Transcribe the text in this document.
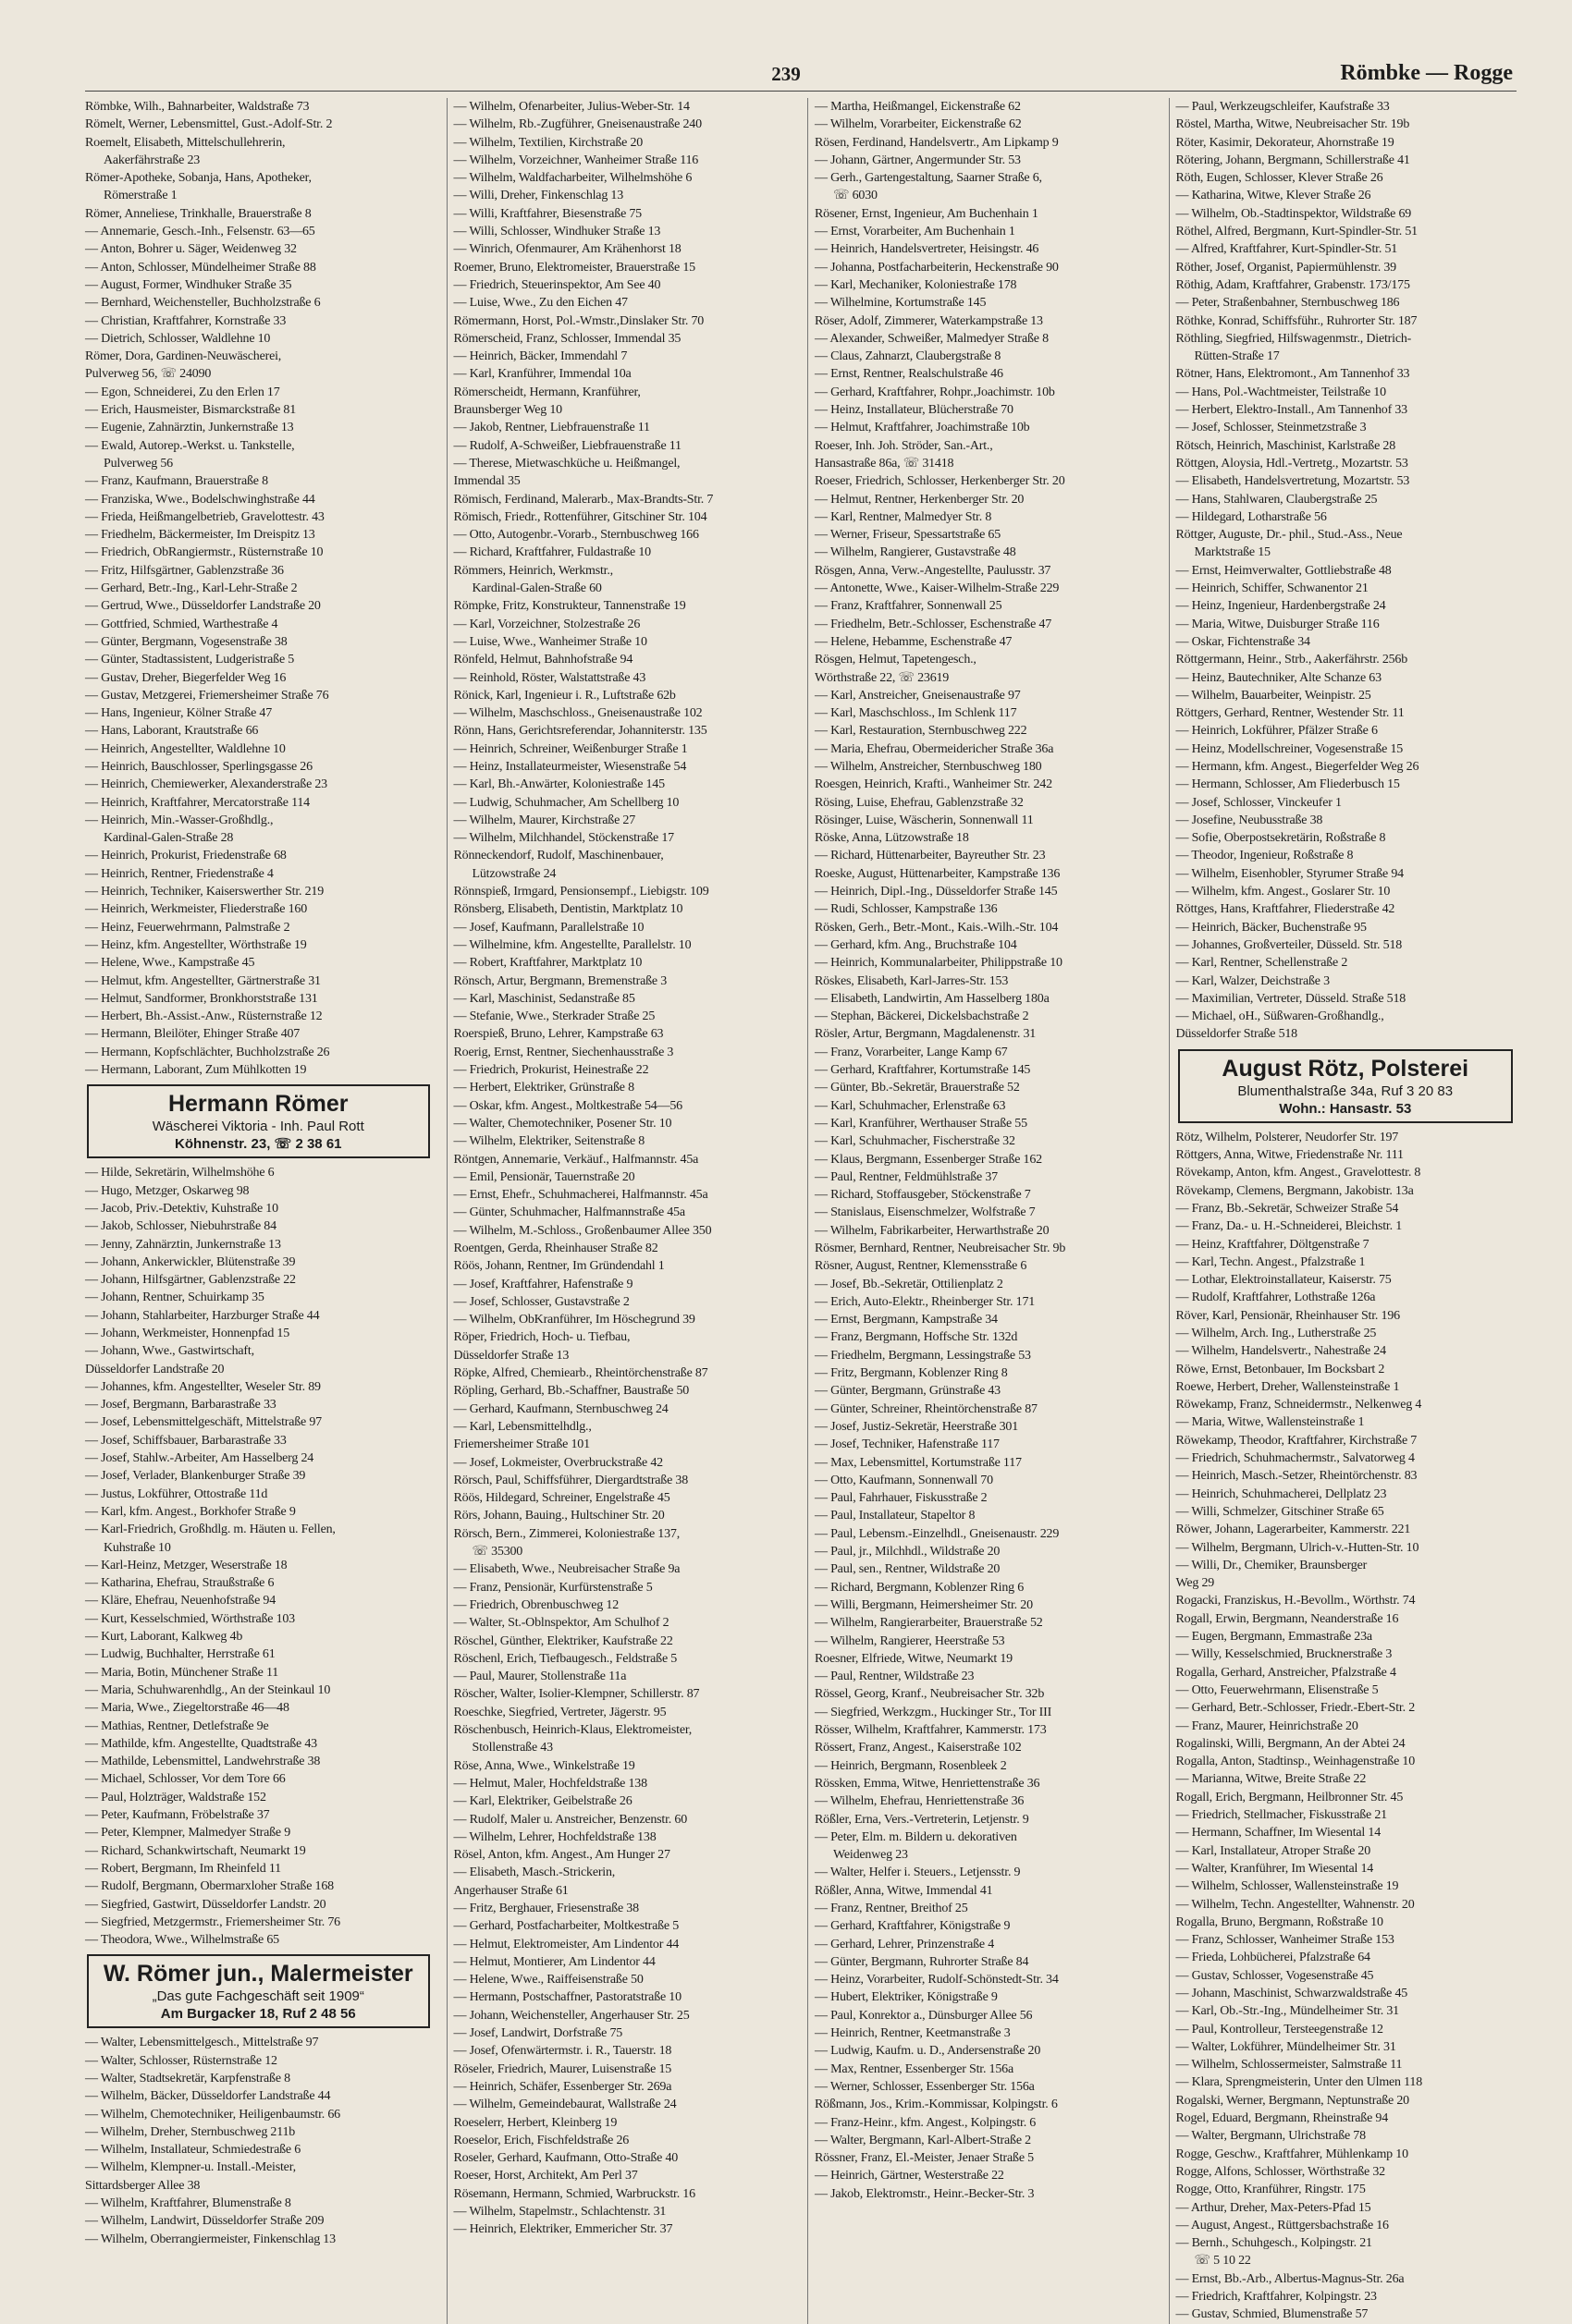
239	Römbke — Rogge
Römbke, Wilh., Bahnarbeiter, Waldstraße 73
Römelt, Werner, Lebensmittel, Gust.-Adolf-Str. 2
Roemelt, Elisabeth, Mittelschullehrerin,
Aakerfährstraße 23
Römer-Apotheke, Sobanja, Hans, Apotheker,
Römerstraße 1
Römer, Anneliese, Trinkhalle, Brauerstraße 8
— Annemarie, Gesch.-Inh., Felsenstr. 63—65
— Anton, Bohrer u. Säger, Weidenweg 32
— Anton, Schlosser, Mündelheimer Straße 88
— August, Former, Windhuker Straße 35
— Bernhard, Weichensteller, Buchholzstraße 6
— Christian, Kraftfahrer, Kornstraße 33
— Dietrich, Schlosser, Waldlehne 10
Römer, Dora, Gardinen-Neuwäscherei,
Pulverweg 56, ☏ 24090
— Egon, Schneiderei, Zu den Erlen 17
— Erich, Hausmeister, Bismarckstraße 81
— Eugenie, Zahnärztin, Junkernstraße 13
— Ewald, Autorep.-Werkst. u. Tankstelle,
Pulverweg 56
— Franz, Kaufmann, Brauerstraße 8
— Franziska, Wwe., Bodelschwinghstraße 44
— Frieda, Heißmangelbetrieb, Gravelottestr. 43
— Friedhelm, Bäckermeister, Im Dreispitz 13
— Friedrich, ObRangiermstr., Rüsternstraße 10
— Fritz, Hilfsgärtner, Gablenzstraße 36
— Gerhard, Betr.-Ing., Karl-Lehr-Straße 2
— Gertrud, Wwe., Düsseldorfer Landstraße 20
— Gottfried, Schmied, Warthestraße 4
— Günter, Bergmann, Vogesenstraße 38
— Günter, Stadtassistent, Ludgeristraße 5
— Gustav, Dreher, Biegerfelder Weg 16
— Gustav, Metzgerei, Friemersheimer Straße 76
— Hans, Ingenieur, Kölner Straße 47
— Hans, Laborant, Krautstraße 66
— Heinrich, Angestellter, Waldlehne 10
— Heinrich, Bauschlosser, Sperlingsgasse 26
— Heinrich, Chemiewerker, Alexanderstraße 23
— Heinrich, Kraftfahrer, Mercatorstraße 114
— Heinrich, Min.-Wasser-Großhdlg.,
Kardinal-Galen-Straße 28
— Heinrich, Prokurist, Friedenstraße 68
— Heinrich, Rentner, Friedenstraße 4
— Heinrich, Techniker, Kaiserswerther Str. 219
— Heinrich, Werkmeister, Fliederstraße 160
— Heinz, Feuerwehrmann, Palmstraße 2
— Heinz, kfm. Angestellter, Wörthstraße 19
— Helene, Wwe., Kampstraße 45
— Helmut, kfm. Angestellter, Gärtnerstraße 31
— Helmut, Sandformer, Bronkhorststraße 131
— Herbert, Bh.-Assist.-Anw., Rüsternstraße 12
— Hermann, Bleilöter, Ehinger Straße 407
— Hermann, Kopfschlächter, Buchholzstraße 26
— Hermann, Laborant, Zum Mühlkotten 19
Hermann Römer
Wäscherei Viktoria - Inh. Paul Rott
Köhnenstr. 23, ☏ 2 38 61
— Hilde, Sekretärin, Wilhelmshöhe 6
— Hugo, Metzger, Oskarweg 98
— Jacob, Priv.-Detektiv, Kuhstraße 10
— Jakob, Schlosser, Niebuhrstraße 84
— Jenny, Zahnärztin, Junkernstraße 13
— Johann, Ankerwickler, Blütenstraße 39
— Johann, Hilfsgärtner, Gablenzstraße 22
— Johann, Rentner, Schuirkamp 35
— Johann, Stahlarbeiter, Harzburger Straße 44
— Johann, Werkmeister, Honnenpfad 15
— Johann, Wwe., Gastwirtschaft,
Düsseldorfer Landstraße 20
— Johannes, kfm. Angestellter, Weseler Str. 89
— Josef, Bergmann, Barbarastraße 33
— Josef, Lebensmittelgeschäft, Mittelstraße 97
— Josef, Schiffsbauer, Barbarastraße 33
— Josef, Stahlw.-Arbeiter, Am Hasselberg 24
— Josef, Verlader, Blankenburger Straße 39
— Justus, Lokführer, Ottostraße 11d
— Karl, kfm. Angest., Borkhofer Straße 9
— Karl-Friedrich, Großhdlg. m. Häuten u. Fellen,
Kuhstraße 10
— Karl-Heinz, Metzger, Weserstraße 18
— Katharina, Ehefrau, Straußstraße 6
— Kläre, Ehefrau, Neuenhofstraße 94
— Kurt, Kesselschmied, Wörthstraße 103
— Kurt, Laborant, Kalkweg 4b
— Ludwig, Buchhalter, Herrstraße 61
— Maria, Botin, Münchener Straße 11
— Maria, Schuhwarenhdlg., An der Steinkaul 10
— Maria, Wwe., Ziegeltorstraße 46—48
— Mathias, Rentner, Detlefstraße 9e
— Mathilde, kfm. Angestellte, Quadtstraße 43
— Mathilde, Lebensmittel, Landwehrstraße 38
— Michael, Schlosser, Vor dem Tore 66
— Paul, Holzträger, Waldstraße 152
— Peter, Kaufmann, Fröbelstraße 37
— Peter, Klempner, Malmedyer Straße 9
— Richard, Schankwirtschaft, Neumarkt 19
— Robert, Bergmann, Im Rheinfeld 11
— Rudolf, Bergmann, Obermarxloher Straße 168
— Siegfried, Gastwirt, Düsseldorfer Landstr. 20
— Siegfried, Metzgermstr., Friemersheimer Str. 76
— Theodora, Wwe., Wilhelmstraße 65
W. Römer jun., Malermeister
„Das gute Fachgeschäft seit 1909“
Am Burgacker 18, Ruf 2 48 56
— Walter, Lebensmittelgesch., Mittelstraße 97
— Walter, Schlosser, Rüsternstraße 12
— Walter, Stadtsekretär, Karpfenstraße 8
— Wilhelm, Bäcker, Düsseldorfer Landstraße 44
— Wilhelm, Chemotechniker, Heiligenbaumstr. 66
— Wilhelm, Dreher, Sternbuschweg 211b
— Wilhelm, Installateur, Schmiedestraße 6
— Wilhelm, Klempner-u. Install.-Meister,
Sittardsberger Allee 38
— Wilhelm, Kraftfahrer, Blumenstraße 8
— Wilhelm, Landwirt, Düsseldorfer Straße 209
— Wilhelm, Oberrangiermeister, Finkenschlag 13
— Wilhelm, Ofenarbeiter, Julius-Weber-Str. 14
— Wilhelm, Rb.-Zugführer, Gneisenaustraße 240
— Wilhelm, Textilien, Kirchstraße 20
— Wilhelm, Vorzeichner, Wanheimer Straße 116
— Wilhelm, Waldfacharbeiter, Wilhelmshöhe 6
— Willi, Dreher, Finkenschlag 13
— Willi, Kraftfahrer, Biesenstraße 75
— Willi, Schlosser, Windhuker Straße 13
— Winrich, Ofenmaurer, Am Krähenhorst 18
Roemer, Bruno, Elektromeister, Brauerstraße 15
— Friedrich, Steuerinspektor, Am See 40
— Luise, Wwe., Zu den Eichen 47
Römermann, Horst, Pol.-Wmstr.,Dinslaker Str. 70
Römerscheid, Franz, Schlosser, Immendal 35
— Heinrich, Bäcker, Immendahl 7
— Karl, Kranführer, Immendal 10a
Römerscheidt, Hermann, Kranführer,
Braunsberger Weg 10
— Jakob, Rentner, Liebfrauenstraße 11
— Rudolf, A-Schweißer, Liebfrauenstraße 11
— Therese, Mietwaschküche u. Heißmangel,
Immendal 35
Römisch, Ferdinand, Malerarb., Max-Brandts-Str. 7
Römisch, Friedr., Rottenführer, Gitschiner Str. 104
— Otto, Autogenbr.-Vorarb., Sternbuschweg 166
— Richard, Kraftfahrer, Fuldastraße 10
Römmers, Heinrich, Werkmstr.,
Kardinal-Galen-Straße 60
Römpke, Fritz, Konstrukteur, Tannenstraße 19
— Karl, Vorzeichner, Stolzestraße 26
— Luise, Wwe., Wanheimer Straße 10
Rönfeld, Helmut, Bahnhofstraße 94
— Reinhold, Röster, Walstattstraße 43
Rönick, Karl, Ingenieur i. R., Luftstraße 62b
— Wilhelm, Maschschloss., Gneisenaustraße 102
Rönn, Hans, Gerichtsreferendar, Johanniterstr. 135
— Heinrich, Schreiner, Weißenburger Straße 1
— Heinz, Installateurmeister, Wiesenstraße 54
— Karl, Bh.-Anwärter, Koloniestraße 145
— Ludwig, Schuhmacher, Am Schellberg 10
— Wilhelm, Maurer, Kirchstraße 27
— Wilhelm, Milchhandel, Stöckenstraße 17
Rönneckendorf, Rudolf, Maschinenbauer,
Lützowstraße 24
Rönnspieß, Irmgard, Pensionsempf., Liebigstr. 109
Rönsberg, Elisabeth, Dentistin, Marktplatz 10
— Josef, Kaufmann, Parallelstraße 10
— Wilhelmine, kfm. Angestellte, Parallelstr. 10
— Robert, Kraftfahrer, Marktplatz 10
Rönsch, Artur, Bergmann, Bremenstraße 3
— Karl, Maschinist, Sedanstraße 85
— Stefanie, Wwe., Sterkrader Straße 25
Roerspieß, Bruno, Lehrer, Kampstraße 63
Roerig, Ernst, Rentner, Siechenhausstraße 3
— Friedrich, Prokurist, Heinestraße 22
— Herbert, Elektriker, Grünstraße 8
— Oskar, kfm. Angest., Moltkestraße 54—56
— Walter, Chemotechniker, Posener Str. 10
— Wilhelm, Elektriker, Seitenstraße 8
Röntgen, Annemarie, Verkäuf., Halfmannstr. 45a
— Emil, Pensionär, Tauernstraße 20
— Ernst, Ehefr., Schuhmacherei, Halfmannstr. 45a
— Günter, Schuhmacher, Halfmannstraße 45a
— Wilhelm, M.-Schloss., Großenbaumer Allee 350
Roentgen, Gerda, Rheinhauser Straße 82
Röös, Johann, Rentner, Im Gründendahl 1
— Josef, Kraftfahrer, Hafenstraße 9
— Josef, Schlosser, Gustavstraße 2
— Wilhelm, ObKranführer, Im Höschegrund 39
Röper, Friedrich, Hoch- u. Tiefbau,
Düsseldorfer Straße 13
Röpke, Alfred, Chemiearb., Rheintörchenstraße 87
Röpling, Gerhard, Bb.-Schaffner, Baustraße 50
— Gerhard, Kaufmann, Sternbuschweg 24
— Karl, Lebensmittelhdlg.,
Friemersheimer Straße 101
— Josef, Lokmeister, Overbruckstraße 42
Rörsch, Paul, Schiffsführer, Diergardtstraße 38
Röös, Hildegard, Schreiner, Engelstraße 45
Rörs, Johann, Bauing., Hultschiner Str. 20
Rörsch, Bern., Zimmerei, Koloniestraße 137,
☏ 35300
— Elisabeth, Wwe., Neubreisacher Straße 9a
— Franz, Pensionär, Kurfürstenstraße 5
— Friedrich, Obrenbuschweg 12
— Walter, St.-Oblnspektor, Am Schulhof 2
Röschel, Günther, Elektriker, Kaufstraße 22
Röschenl, Erich, Tiefbaugesch., Feldstraße 5
— Paul, Maurer, Stollenstraße 11a
Röscher, Walter, Isolier-Klempner, Schillerstr. 87
Roeschke, Siegfried, Vertreter, Jägerstr. 95
Röschenbusch, Heinrich-Klaus, Elektromeister,
Stollenstraße 43
Röse, Anna, Wwe., Winkelstraße 19
— Helmut, Maler, Hochfeldstraße 138
— Karl, Elektriker, Geibelstraße 26
— Rudolf, Maler u. Anstreicher, Benzenstr. 60
— Wilhelm, Lehrer, Hochfeldstraße 138
Rösel, Anton, kfm. Angest., Am Hunger 27
— Elisabeth, Masch.-Strickerin,
Angerhauser Straße 61
— Fritz, Berghauer, Friesenstraße 38
— Gerhard, Postfacharbeiter, Moltkestraße 5
— Helmut, Elektromeister, Am Lindentor 44
— Helmut, Montierer, Am Lindentor 44
— Helene, Wwe., Raiffeisenstraße 50
— Hermann, Postschaffner, Pastoratstraße 10
— Johann, Weichensteller, Angerhauser Str. 25
— Josef, Landwirt, Dorfstraße 75
— Josef, Ofenwärtermstr. i. R., Tauerstr. 18
Röseler, Friedrich, Maurer, Luisenstraße 15
— Heinrich, Schäfer, Essenberger Str. 269a
— Wilhelm, Gemeindebaurat, Wallstraße 24
Roeselerr, Herbert, Kleinberg 19
Roeselor, Erich, Fischfeldstraße 26
Roseler, Gerhard, Kaufmann, Otto-Straße 40
Roeser, Horst, Architekt, Am Perl 37
Rösemann, Hermann, Schmied, Warbruckstr. 16
— Wilhelm, Stapelmstr., Schlachtenstr. 31
— Heinrich, Elektriker, Emmericher Str. 37
— Martha, Heißmangel, Eickenstraße 62
— Wilhelm, Vorarbeiter, Eickenstraße 62
Rösen, Ferdinand, Handelsvertr., Am Lipkamp 9
— Johann, Gärtner, Angermunder Str. 53
— Gerh., Gartengestaltung, Saarner Straße 6,
☏ 6030
Rösener, Ernst, Ingenieur, Am Buchenhain 1
— Ernst, Vorarbeiter, Am Buchenhain 1
— Heinrich, Handelsvertreter, Heisingstr. 46
— Johanna, Postfacharbeiterin, Heckenstraße 90
— Karl, Mechaniker, Koloniestraße 178
— Wilhelmine, Kortumstraße 145
Röser, Adolf, Zimmerer, Waterkampstraße 13
— Alexander, Schweißer, Malmedyer Straße 8
— Claus, Zahnarzt, Claubergstraße 8
— Ernst, Rentner, Realschulstraße 46
— Gerhard, Kraftfahrer, Rohpr.,Joachimstr. 10b
— Heinz, Installateur, Blücherstraße 70
— Helmut, Kraftfahrer, Joachimstraße 10b
Roeser, Inh. Joh. Ströder, San.-Art.,
Hansastraße 86a, ☏ 31418
Roeser, Friedrich, Schlosser, Herkenberger Str. 20
— Helmut, Rentner, Herkenberger Str. 20
— Karl, Rentner, Malmedyer Str. 8
— Werner, Friseur, Spessartstraße 65
— Wilhelm, Rangierer, Gustavstraße 48
Rösgen, Anna, Verw.-Angestellte, Paulusstr. 37
— Antonette, Wwe., Kaiser-Wilhelm-Straße 229
— Franz, Kraftfahrer, Sonnenwall 25
— Friedhelm, Betr.-Schlosser, Eschenstraße 47
— Helene, Hebamme, Eschenstraße 47
Rösgen, Helmut, Tapetengesch.,
Wörthstraße 22, ☏ 23619
— Karl, Anstreicher, Gneisenaustraße 97
— Karl, Maschschloss., Im Schlenk 117
— Karl, Restauration, Sternbuschweg 222
— Maria, Ehefrau, Obermeidericher Straße 36a
— Wilhelm, Anstreicher, Sternbuschweg 180
Roesgen, Heinrich, Krafti., Wanheimer Str. 242
Rösing, Luise, Ehefrau, Gablenzstraße 32
Rösinger, Luise, Wäscherin, Sonnenwall 11
Röske, Anna, Lützowstraße 18
— Richard, Hüttenarbeiter, Bayreuther Str. 23
Roeske, August, Hüttenarbeiter, Kampstraße 136
— Heinrich, Dipl.-Ing., Düsseldorfer Straße 145
— Rudi, Schlosser, Kampstraße 136
Rösken, Gerh., Betr.-Mont., Kais.-Wilh.-Str. 104
— Gerhard, kfm. Ang., Bruchstraße 104
— Heinrich, Kommunalarbeiter, Philippstraße 10
Röskes, Elisabeth, Karl-Jarres-Str. 153
— Elisabeth, Landwirtin, Am Hasselberg 180a
— Stephan, Bäckerei, Dickelsbachstraße 2
Rösler, Artur, Bergmann, Magdalenenstr. 31
— Franz, Vorarbeiter, Lange Kamp 67
— Gerhard, Kraftfahrer, Kortumstraße 145
— Günter, Bb.-Sekretär, Brauerstraße 52
— Karl, Schuhmacher, Erlenstraße 63
— Karl, Kranführer, Werthauser Straße 55
— Karl, Schuhmacher, Fischerstraße 32
— Klaus, Bergmann, Essenberger Straße 162
— Paul, Rentner, Feldmühlstraße 37
— Richard, Stoffausgeber, Stöckenstraße 7
— Stanislaus, Eisenschmelzer, Wolfstraße 7
— Wilhelm, Fabrikarbeiter, Herwarthstraße 20
Rösmer, Bernhard, Rentner, Neubreisacher Str. 9b
Rösner, August, Rentner, Klemensstraße 6
— Josef, Bb.-Sekretär, Ottilienplatz 2
— Erich, Auto-Elektr., Rheinberger Str. 171
— Ernst, Bergmann, Kampstraße 34
— Franz, Bergmann, Hoffsche Str. 132d
— Friedhelm, Bergmann, Lessingstraße 53
— Fritz, Bergmann, Koblenzer Ring 8
— Günter, Bergmann, Grünstraße 43
— Günter, Schreiner, Rheintörchenstraße 87
— Josef, Justiz-Sekretär, Heerstraße 301
— Josef, Techniker, Hafenstraße 117
— Max, Lebensmittel, Kortumstraße 117
— Otto, Kaufmann, Sonnenwall 70
— Paul, Fahrhauer, Fiskusstraße 2
— Paul, Installateur, Stapeltor 8
— Paul, Lebensm.-Einzelhdl., Gneisenaustr. 229
— Paul, jr., Milchhdl., Wildstraße 20
— Paul, sen., Rentner, Wildstraße 20
— Richard, Bergmann, Koblenzer Ring 6
— Willi, Bergmann, Heimersheimer Str. 20
— Wilhelm, Rangierarbeiter, Brauerstraße 52
— Wilhelm, Rangierer, Heerstraße 53
Roesner, Elfriede, Witwe, Neumarkt 19
— Paul, Rentner, Wildstraße 23
Rössel, Georg, Kranf., Neubreisacher Str. 32b
— Siegfried, Werkzgm., Huckinger Str., Tor III
Rösser, Wilhelm, Kraftfahrer, Kammerstr. 173
Rössert, Franz, Angest., Kaiserstraße 102
— Heinrich, Bergmann, Rosenbleek 2
Rössken, Emma, Witwe, Henriettenstraße 36
— Wilhelm, Ehefrau, Henriettenstraße 36
Rößler, Erna, Vers.-Vertreterin, Letjenstr. 9
— Peter, Elm. m. Bildern u. dekorativen
Weidenweg 23
— Walter, Helfer i. Steuers., Letjensstr. 9
Rößler, Anna, Witwe, Immendal 41
— Franz, Rentner, Breithof 25
— Gerhard, Kraftfahrer, Königstraße 9
— Gerhard, Lehrer, Prinzenstraße 4
— Günter, Bergmann, Ruhrorter Straße 84
— Heinz, Vorarbeiter, Rudolf-Schönstedt-Str. 34
— Hubert, Elektriker, Königstraße 9
— Paul, Konrektor a., Dünsburger Allee 56
— Heinrich, Rentner, Keetmanstraße 3
— Ludwig, Kaufm. u. D., Andersenstraße 20
— Max, Rentner, Essenberger Str. 156a
— Werner, Schlosser, Essenberger Str. 156a
Rößmann, Jos., Krim.-Kommissar, Kolpingstr. 6
— Franz-Heinr., kfm. Angest., Kolpingstr. 6
— Walter, Bergmann, Karl-Albert-Straße 2
Rössner, Franz, El.-Meister, Jenaer Straße 5
— Heinrich, Gärtner, Westerstraße 22
— Jakob, Elektromstr., Heinr.-Becker-Str. 3
— Paul, Werkzeugschleifer, Kaufstraße 33
Röstel, Martha, Witwe, Neubreisacher Str. 19b
Röter, Kasimir, Dekorateur, Ahornstraße 19
Rötering, Johann, Bergmann, Schillerstraße 41
Röth, Eugen, Schlosser, Klever Straße 26
— Katharina, Witwe, Klever Straße 26
— Wilhelm, Ob.-Stadtinspektor, Wildstraße 69
Röthel, Alfred, Bergmann, Kurt-Spindler-Str. 51
— Alfred, Kraftfahrer, Kurt-Spindler-Str. 51
Röther, Josef, Organist, Papiermühlenstr. 39
Röthig, Adam, Kraftfahrer, Grabenstr. 173/175
— Peter, Straßenbahner, Sternbuschweg 186
Röthke, Konrad, Schiffsführ., Ruhrorter Str. 187
Röthling, Siegfried, Hilfswagenmstr., Dietrich-
Rütten-Straße 17
Rötner, Hans, Elektromont., Am Tannenhof 33
— Hans, Pol.-Wachtmeister, Teilstraße 10
— Herbert, Elektro-Install., Am Tannenhof 33
— Josef, Schlosser, Steinmetzstraße 3
Rötsch, Heinrich, Maschinist, Karlstraße 28
Röttgen, Aloysia, Hdl.-Vertretg., Mozartstr. 53
— Elisabeth, Handelsvertretung, Mozartstr. 53
— Hans, Stahlwaren, Claubergstraße 25
— Hildegard, Lotharstraße 56
Röttger, Auguste, Dr.- phil., Stud.-Ass., Neue
Marktstraße 15
— Ernst, Heimverwalter, Gottliebstraße 48
— Heinrich, Schiffer, Schwanentor 21
— Heinz, Ingenieur, Hardenbergstraße 24
— Maria, Witwe, Duisburger Straße 116
— Oskar, Fichtenstraße 34
Röttgermann, Heinr., Strb., Aakerfährstr. 256b
— Heinz, Bautechniker, Alte Schanze 63
— Wilhelm, Bauarbeiter, Weinpistr. 25
Röttgers, Gerhard, Rentner, Westender Str. 11
— Heinrich, Lokführer, Pfälzer Straße 6
— Heinz, Modellschreiner, Vogesenstraße 15
— Hermann, kfm. Angest., Biegerfelder Weg 26
— Hermann, Schlosser, Am Fliederbusch 15
— Josef, Schlosser, Vinckeufer 1
— Josefine, Neubusstraße 38
— Sofie, Oberpostsekretärin, Roßstraße 8
— Theodor, Ingenieur, Roßstraße 8
— Wilhelm, Eisenhobler, Styrumer Straße 94
— Wilhelm, kfm. Angest., Goslarer Str. 10
Röttges, Hans, Kraftfahrer, Fliederstraße 42
— Heinrich, Bäcker, Buchenstraße 95
— Johannes, Großverteiler, Düsseld. Str. 518
— Karl, Rentner, Schellenstraße 2
— Karl, Walzer, Deichstraße 3
— Maximilian, Vertreter, Düsseld. Straße 518
— Michael, oH., Süßwaren-Großhandlg.,
Düsseldorfer Straße 518
August Rötz, Polsterei
Blumenthalstraße 34a, Ruf 3 20 83
Wohn.: Hansastr. 53
Rötz, Wilhelm, Polsterer, Neudorfer Str. 197
Röttgers, Anna, Witwe, Friedenstraße Nr. 111
Rövekamp, Anton, kfm. Angest., Gravelottestr. 8
Rövekamp, Clemens, Bergmann, Jakobistr. 13a
— Franz, Bb.-Sekretär, Schweizer Straße 54
— Franz, Da.- u. H.-Schneiderei, Bleichstr. 1
— Heinz, Kraftfahrer, Döltgenstraße 7
— Karl, Techn. Angest., Pfalzstraße 1
— Lothar, Elektroinstallateur, Kaiserstr. 75
— Rudolf, Kraftfahrer, Lothstraße 126a
Röver, Karl, Pensionär, Rheinhauser Str. 196
— Wilhelm, Arch. Ing., Lutherstraße 25
— Wilhelm, Handelsvertr., Nahestraße 24
Röwe, Ernst, Betonbauer, Im Bocksbart 2
Roewe, Herbert, Dreher, Wallensteinstraße 1
Röwekamp, Franz, Schneidermstr., Nelkenweg 4
— Maria, Witwe, Wallensteinstraße 1
Röwekamp, Theodor, Kraftfahrer, Kirchstraße 7
— Friedrich, Schuhmachermstr., Salvatorweg 4
— Heinrich, Masch.-Setzer, Rheintörchenstr. 83
— Heinrich, Schuhmacherei, Dellplatz 23
— Willi, Schmelzer, Gitschiner Straße 65
Röwer, Johann, Lagerarbeiter, Kammerstr. 221
— Wilhelm, Bergmann, Ulrich-v.-Hutten-Str. 10
— Willi, Dr., Chemiker, Braunsberger
Weg 29
Rogacki, Franziskus, H.-Bevollm., Wörthstr. 74
Rogall, Erwin, Bergmann, Neanderstraße 16
— Eugen, Bergmann, Emmastraße 23a
— Willy, Kesselschmied, Brucknerstraße 3
Rogalla, Gerhard, Anstreicher, Pfalzstraße 4
— Otto, Feuerwehrmann, Elisenstraße 5
— Gerhard, Betr.-Schlosser, Friedr.-Ebert-Str. 2
— Franz, Maurer, Heinrichstraße 20
Rogalinski, Willi, Bergmann, An der Abtei 24
Rogalla, Anton, Stadtinsp., Weinhagenstraße 10
— Marianna, Witwe, Breite Straße 22
Rogall, Erich, Bergmann, Heilbronner Str. 45
— Friedrich, Stellmacher, Fiskusstraße 21
— Hermann, Schaffner, Im Wiesental 14
— Karl, Installateur, Atroper Straße 20
— Walter, Kranführer, Im Wiesental 14
— Wilhelm, Schlosser, Wallensteinstraße 19
— Wilhelm, Techn. Angestellter, Wahnenstr. 20
Rogalla, Bruno, Bergmann, Roßstraße 10
— Franz, Schlosser, Wanheimer Straße 153
— Frieda, Lohbücherei, Pfalzstraße 64
— Gustav, Schlosser, Vogesenstraße 45
— Johann, Maschinist, Schwarzwaldstraße 45
— Karl, Ob.-Str.-Ing., Mündelheimer Str. 31
— Paul, Kontrolleur, Tersteegenstraße 12
— Walter, Lokführer, Mündelheimer Str. 31
— Wilhelm, Schlossermeister, Salmstraße 11
— Klara, Sprengmeisterin, Unter den Ulmen 118
Rogalski, Werner, Bergmann, Neptunstraße 20
Rogel, Eduard, Bergmann, Rheinstraße 94
— Walter, Bergmann, Ulrichstraße 78
Rogge, Geschw., Kraftfahrer, Mühlenkamp 10
Rogge, Alfons, Schlosser, Wörthstraße 32
Rogge, Otto, Kranführer, Ringstr. 175
— Arthur, Dreher, Max-Peters-Pfad 15
— August, Angest., Rüttgersbachstraße 16
— Bernh., Schuhgesch., Kolpingstr. 21
☏ 5 10 22
— Ernst, Bb.-Arb., Albertus-Magnus-Str. 26a
— Friedrich, Kraftfahrer, Kolpingstr. 23
— Gustav, Schmied, Blumenstraße 57
